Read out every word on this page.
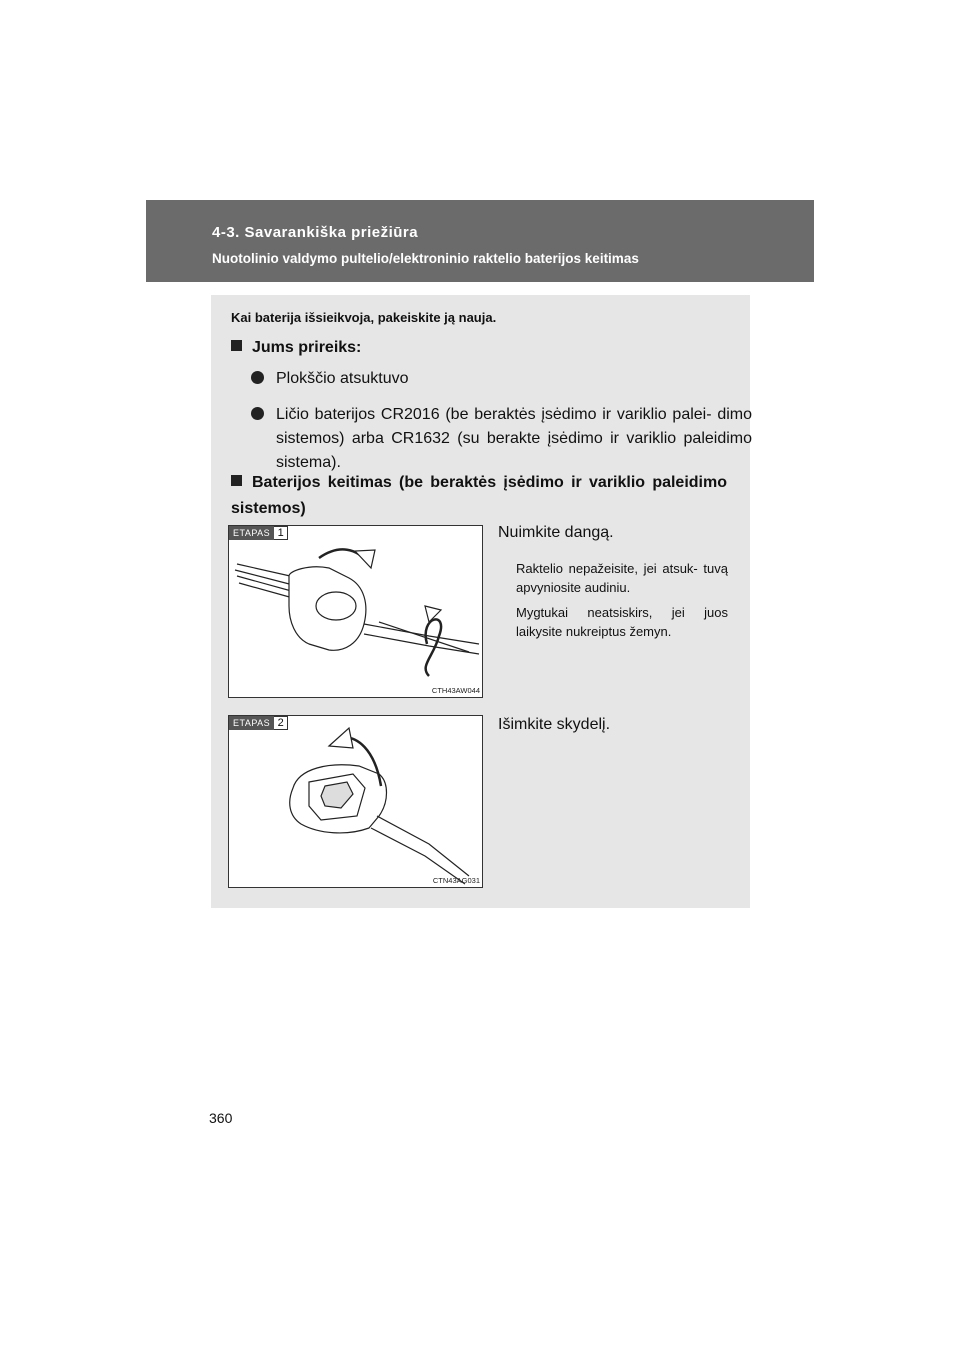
4-3. Savarankiška priežiūra
Nuotolinio valdymo pultelio/elektroninio raktelio baterijos keitimas
Kai baterija išsieikvoja, pakeiskite ją nauja.
Jums prireiks:
Plokščio atsuktuvo
Ličio baterijos CR2016 (be beraktės įsėdimo ir variklio palei- dimo sistemos) arba CR1632 (su berakte įsėdimo ir variklio paleidimo sistema).
Baterijos keitimas (be beraktės įsėdimo ir variklio paleidimo sistemos)
ETAPAS 1
CTH43AW044
Nuimkite dangą.
Raktelio nepažeisite, jei atsuk- tuvą apvyniosite audiniu.
Mygtukai neatsiskirs, jei juos laikysite nukreiptus žemyn.
ETAPAS 2
CTN43AG031
Išimkite skydelį.
360
